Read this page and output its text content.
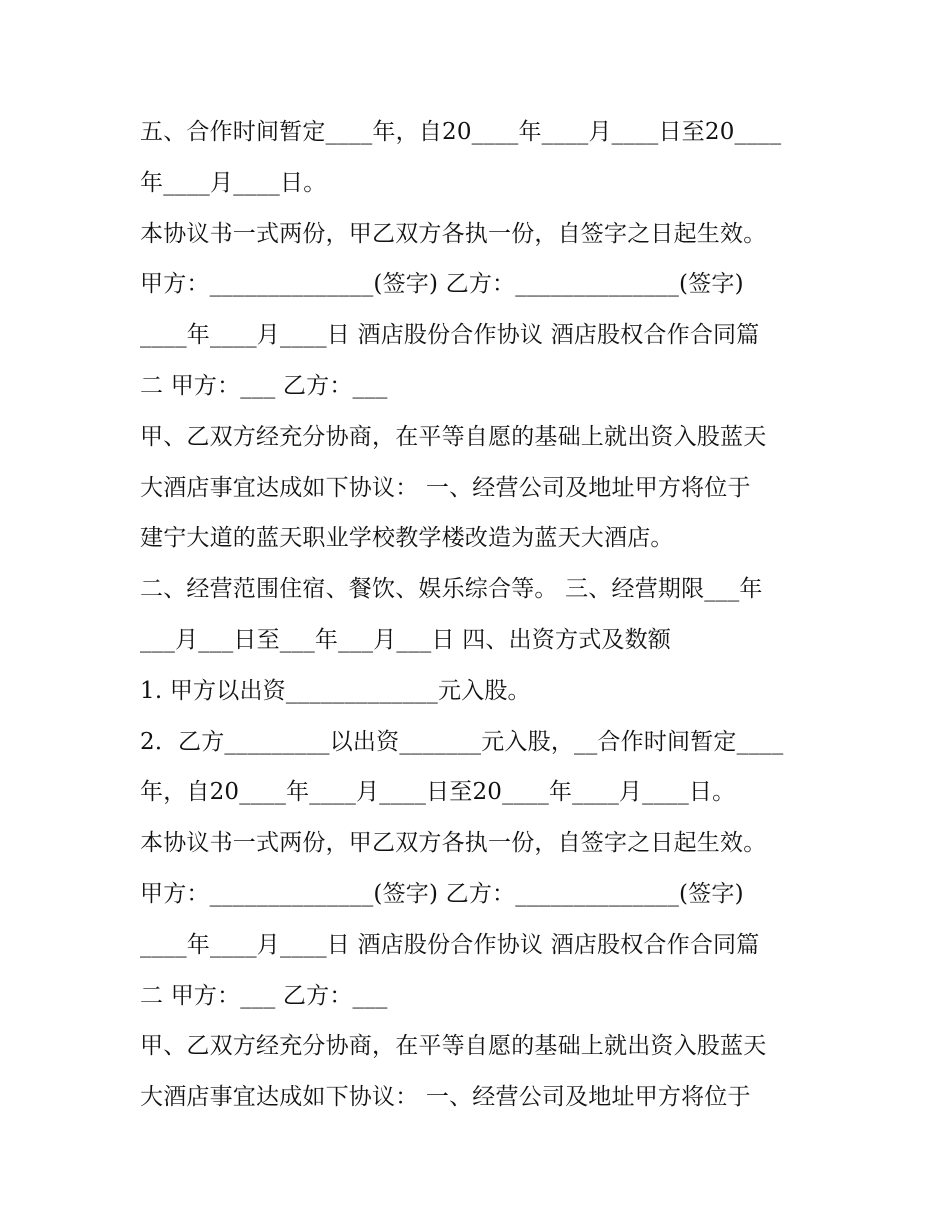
五、合作时间暂定____年，自20____年____月____日至20____
年____月____日。
本协议书一式两份，甲乙双方各执一份，自签字之日起生效。
甲方：______________(签字) 乙方：______________(签字)
____年____月____日 酒店股份合作协议 酒店股权合作合同篇
二 甲方：___ 乙方：___
甲、乙双方经充分协商，在平等自愿的基础上就出资入股蓝天
大酒店事宜达成如下协议： 一、经营公司及地址甲方将位于
建宁大道的蓝天职业学校教学楼改造为蓝天大酒店。
二、经营范围住宿、餐饮、娱乐综合等。 三、经营期限___年
___月___日至___年___月___日 四、出资方式及数额
1. 甲方以出资_____________元入股。
2．乙方_________以出资_______元入股，__合作时间暂定____
年，自20____年____月____日至20____年____月____日。
本协议书一式两份，甲乙双方各执一份，自签字之日起生效。
甲方：______________(签字) 乙方：______________(签字)
____年____月____日 酒店股份合作协议 酒店股权合作合同篇
二 甲方：___ 乙方：___
甲、乙双方经充分协商，在平等自愿的基础上就出资入股蓝天
大酒店事宜达成如下协议： 一、经营公司及地址甲方将位于
